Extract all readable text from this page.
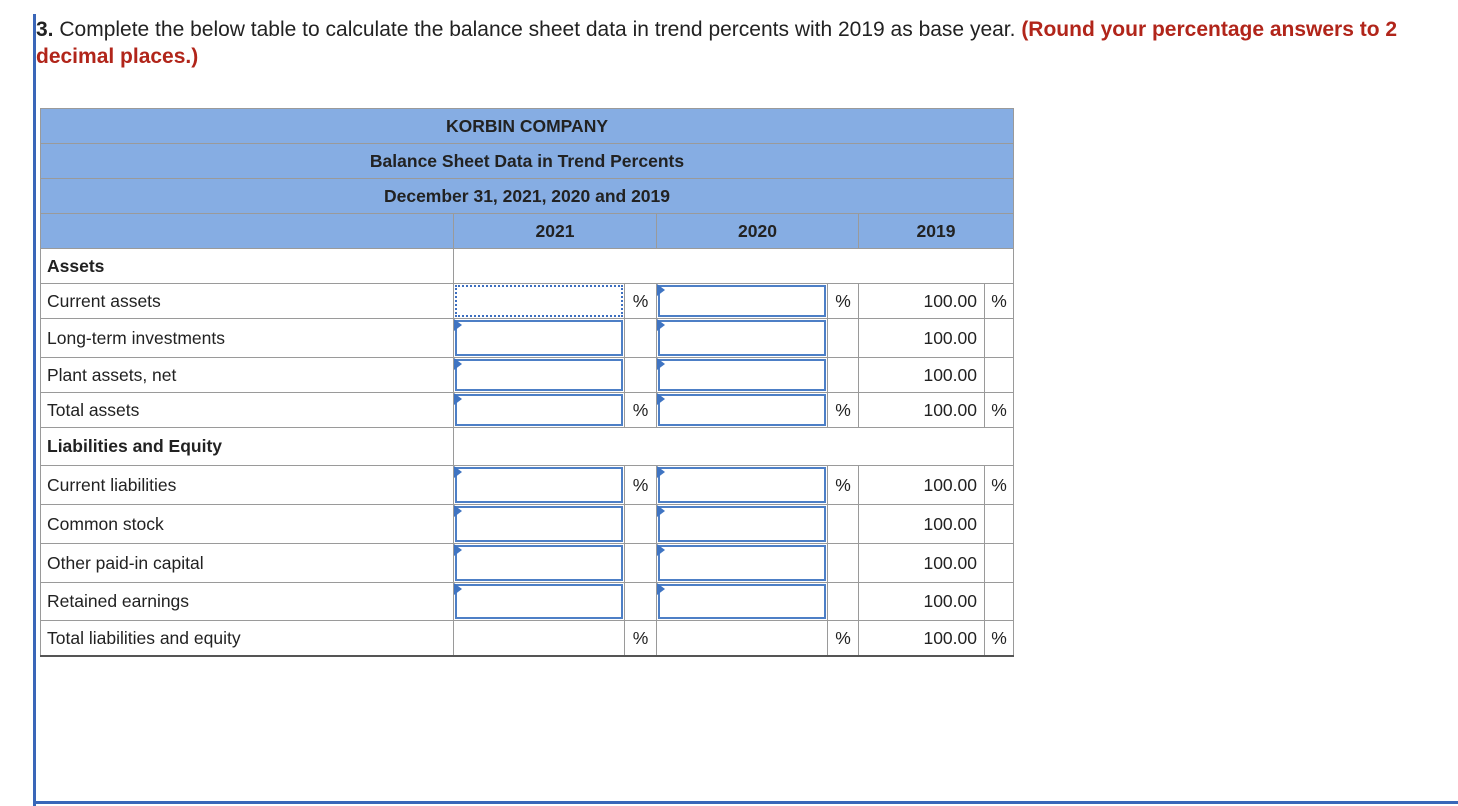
3. Complete the below table to calculate the balance sheet data in trend percents with 2019 as base year. (Round your percentage answers to 2 decimal places.)
KORBIN COMPANY						
Balance Sheet Data in Trend Percents						
December 31, 2021, 2020 and 2019						
	2021		2020		2019	
Assets						
Current assets		%		%	100.00	%
Long-term investments					100.00	
Plant assets, net					100.00	
Total assets		%		%	100.00	%
Liabilities and Equity						
Current liabilities		%		%	100.00	%
Common stock					100.00	
Other paid-in capital					100.00	
Retained earnings					100.00	
Total liabilities and equity		%		%	100.00	%
